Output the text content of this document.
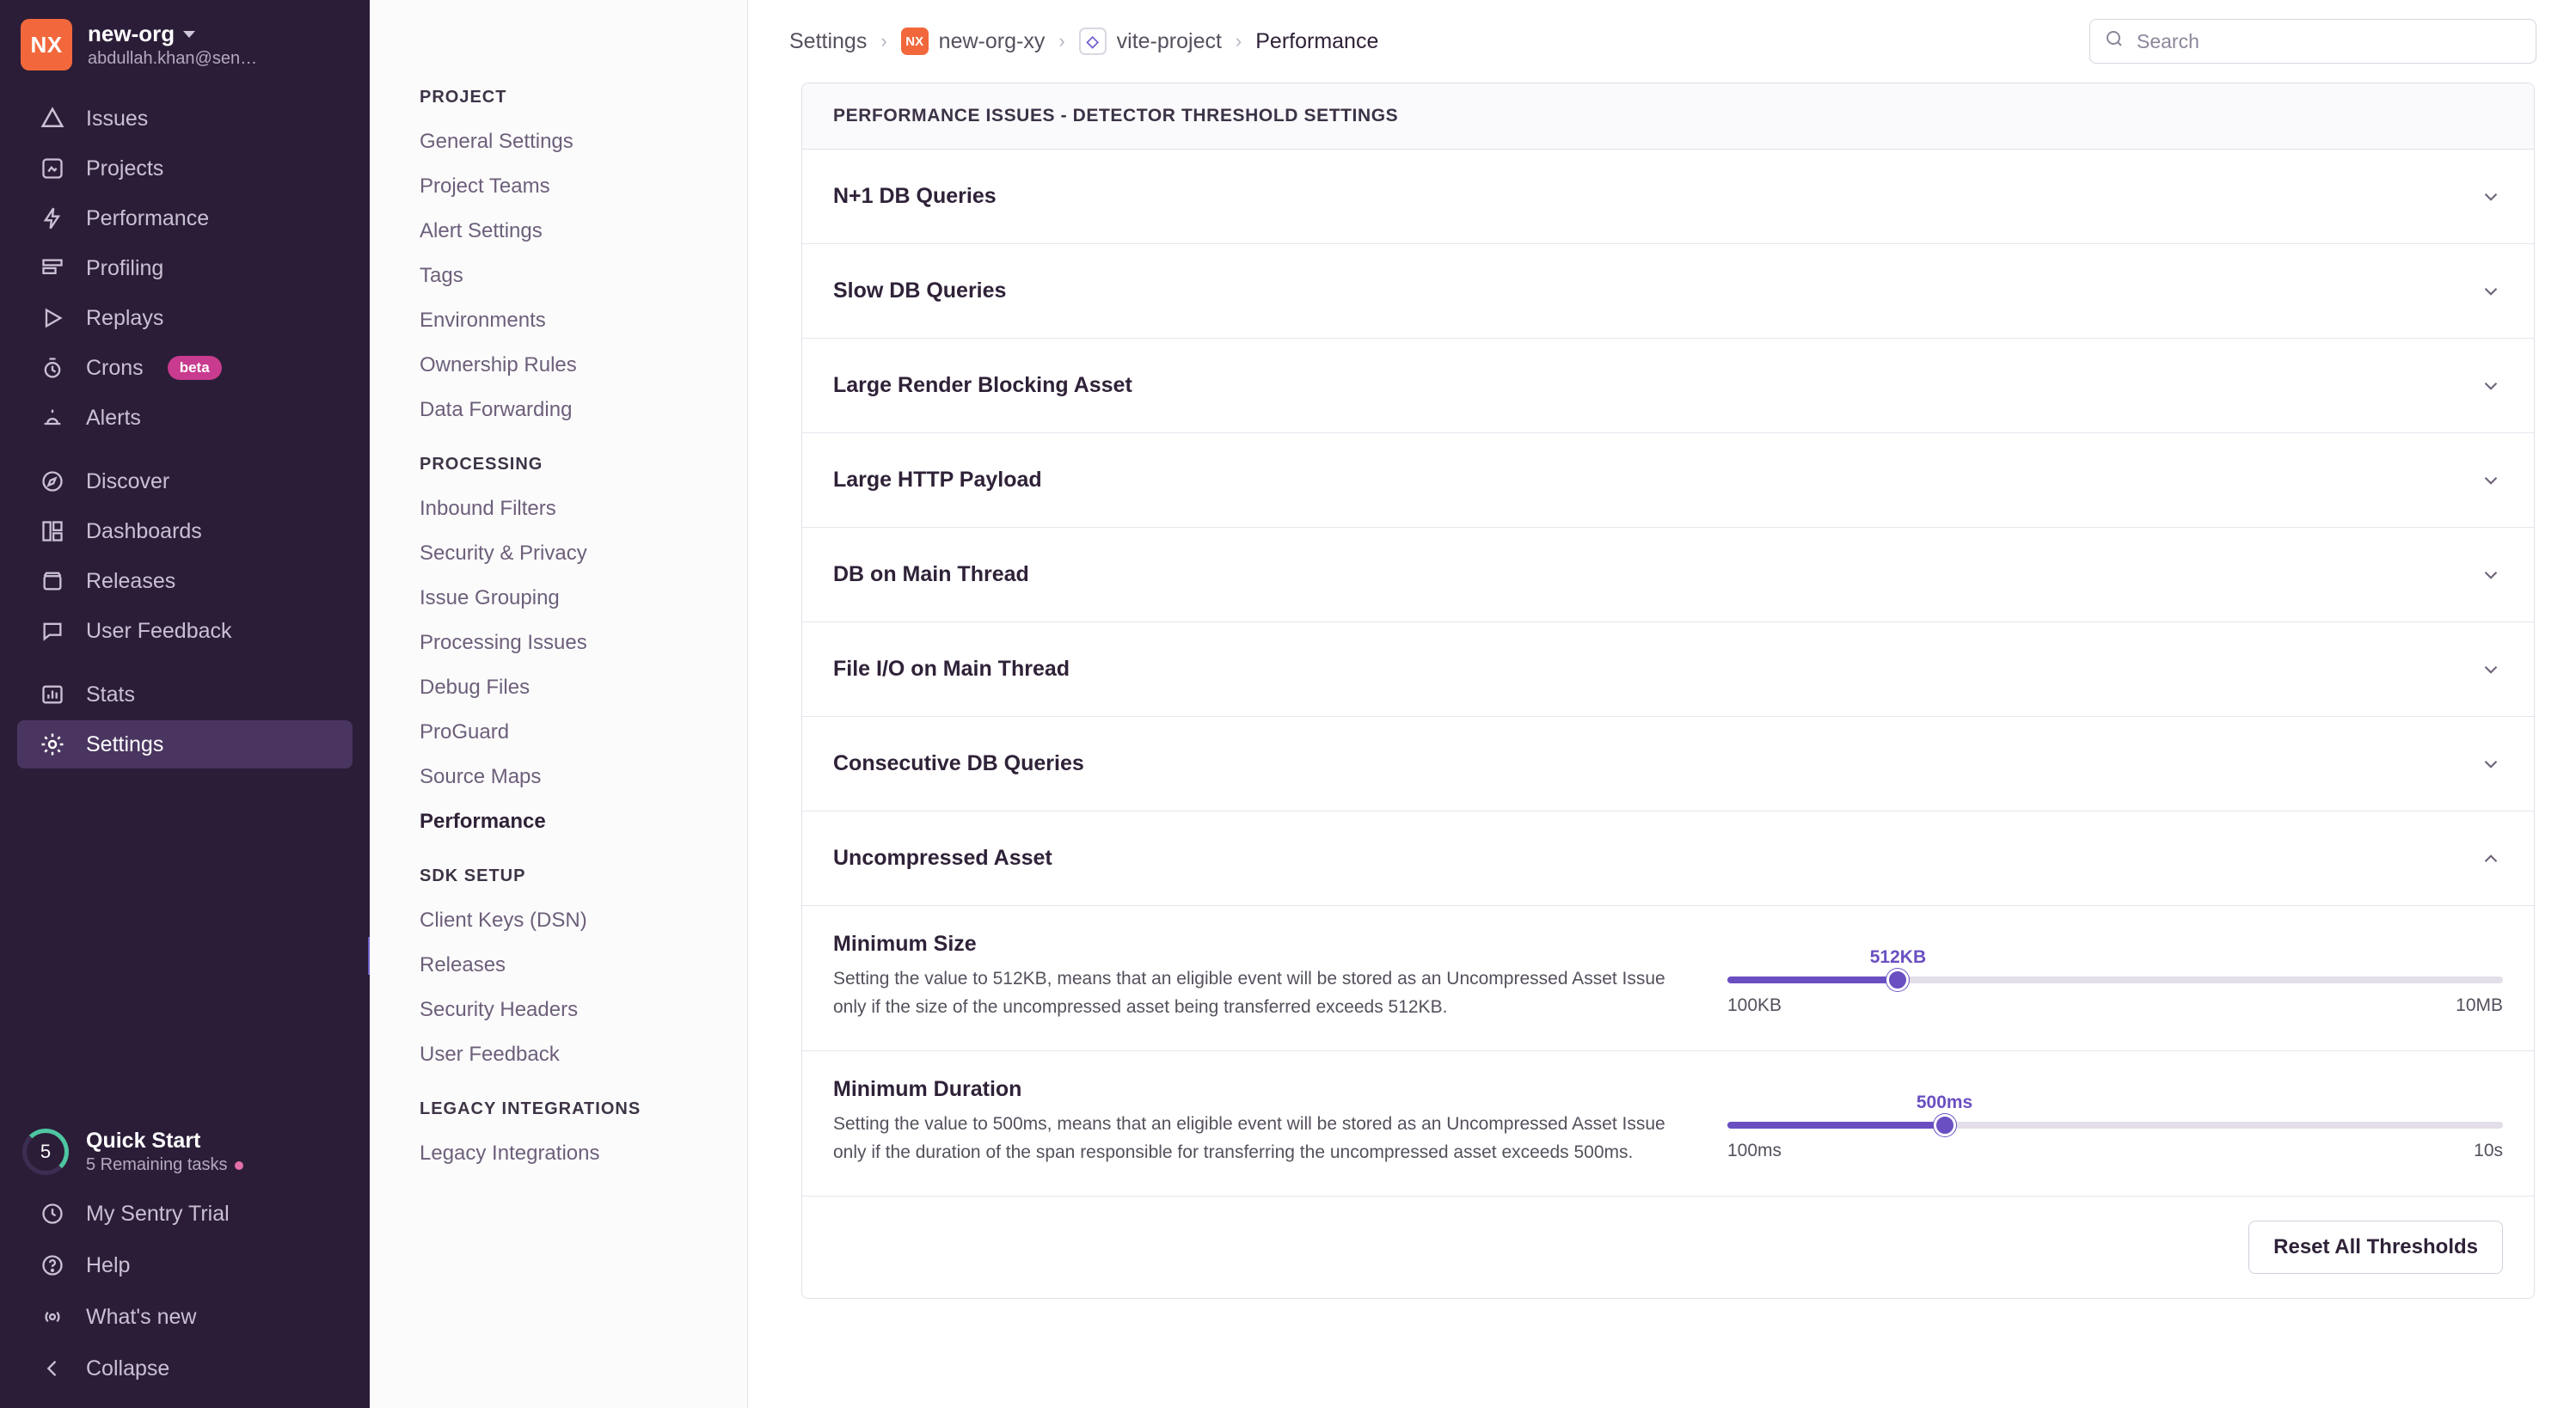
NX	new-org
abdullah.khan@sen…
Issues
Projects
Performance
Profiling
Replays
Crons	beta
Alerts
Discover
Dashboards
Releases
User Feedback
Stats
Settings
5	Quick Start
5 Remaining tasks
My Sentry Trial
Help
What's new
Collapse
PROJECT
General Settings
Project Teams
Alert Settings
Tags
Environments
Ownership Rules
Data Forwarding
PROCESSING
Inbound Filters
Security & Privacy
Issue Grouping
Processing Issues
Debug Files
ProGuard
Source Maps
Performance
SDK SETUP
Client Keys (DSN)
Releases
Security Headers
User Feedback
LEGACY INTEGRATIONS
Legacy Integrations
Settings ›	NX new-org-xy ›	◇ vite-project › Performance	Search
PERFORMANCE ISSUES - DETECTOR THRESHOLD SETTINGS
N+1 DB Queries
Slow DB Queries
Large Render Blocking Asset
Large HTTP Payload
DB on Main Thread
File I/O on Main Thread
Consecutive DB Queries
Uncompressed Asset
Minimum Size
Setting the value to 512KB, means that an eligible event will be stored as an Uncompressed Asset Issue only if the size of the uncompressed asset being transferred exceeds 512KB.
512KB
100KB	10MB
Minimum Duration
Setting the value to 500ms, means that an eligible event will be stored as an Uncompressed Asset Issue only if the duration of the span responsible for transferring the uncompressed asset exceeds 500ms.
500ms
100ms	10s
Reset All Thresholds
